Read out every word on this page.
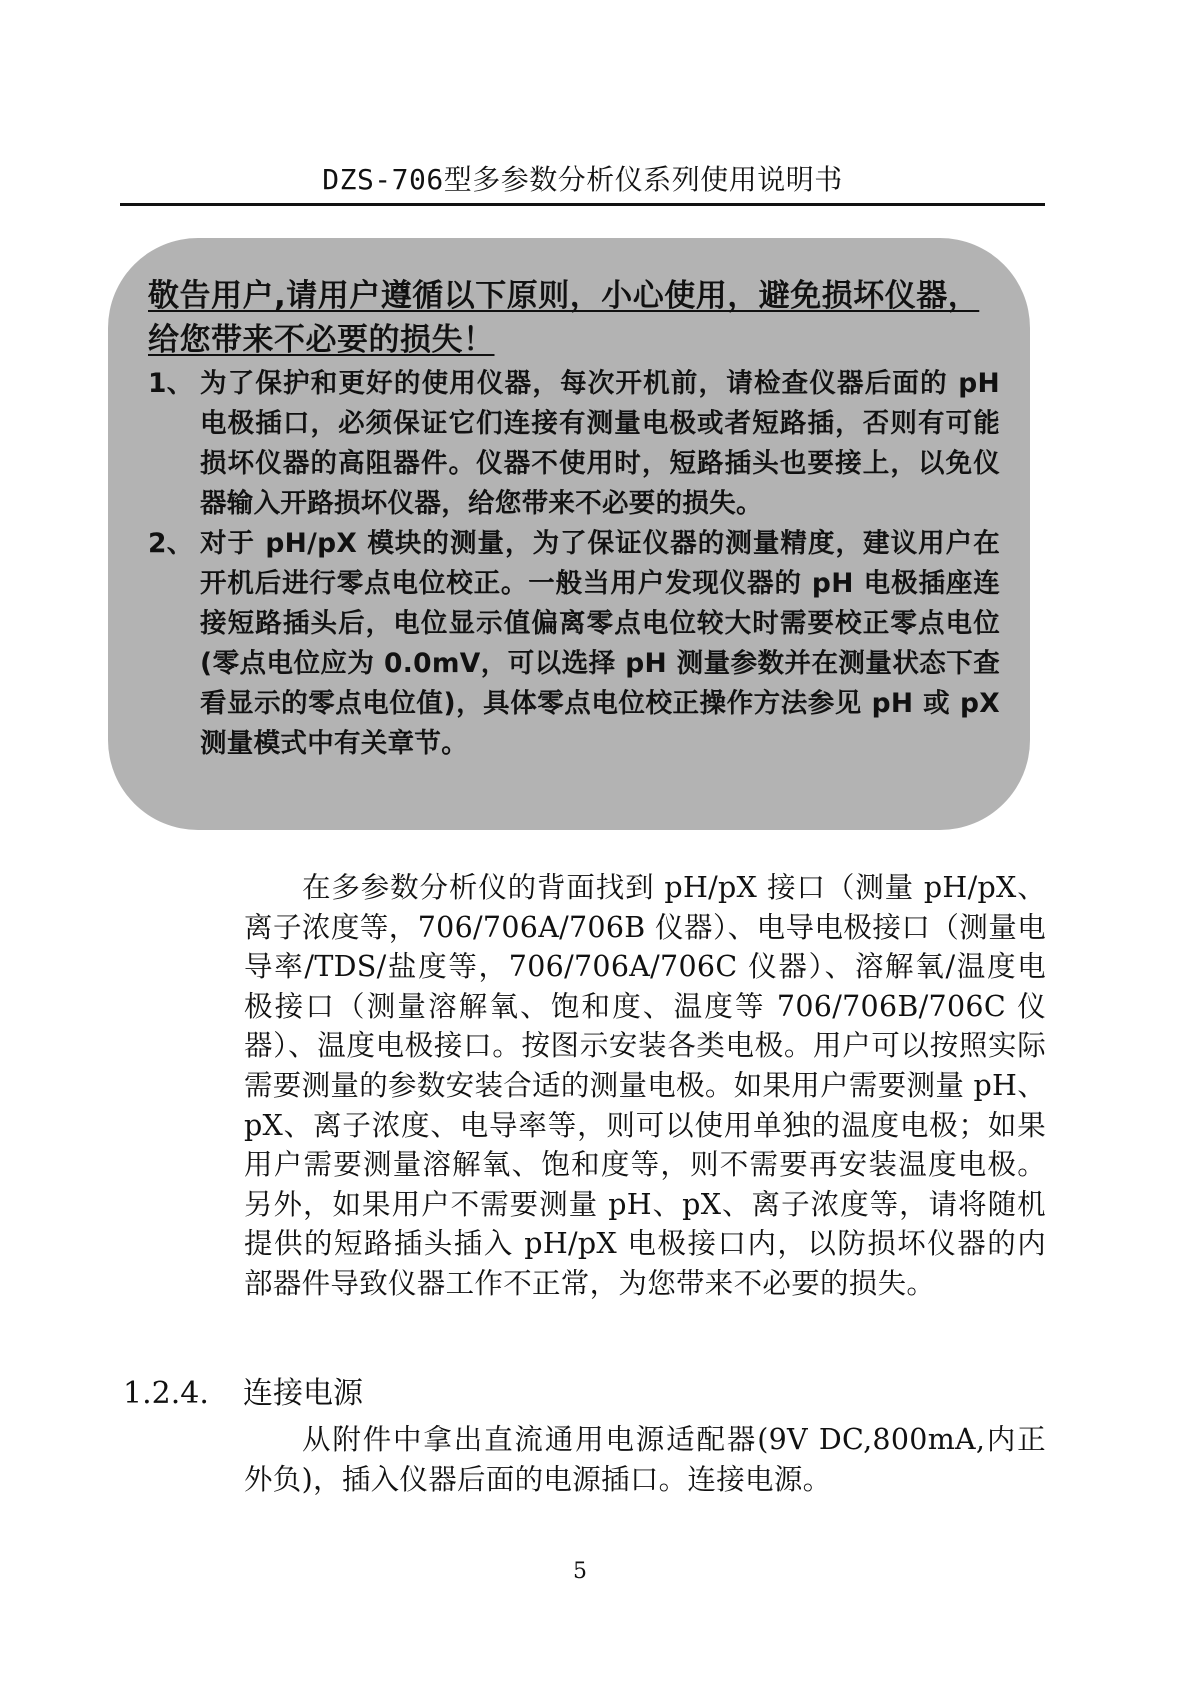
DZS-706型多参数分析仪系列使用说明书
敬告用户,请用户遵循以下原则，小心使用，避免损坏仪器，给您带来不必要的损失！
1、 为了保护和更好的使用仪器，每次开机前，请检查仪器后面的 pH 电极插口，必须保证它们连接有测量电极或者短路插，否则有可能损坏仪器的高阻器件。仪器不使用时，短路插头也要接上，以免仪器输入开路损坏仪器，给您带来不必要的损失。
2、 对于 pH/pX 模块的测量，为了保证仪器的测量精度，建议用户在开机后进行零点电位校正。一般当用户发现仪器的 pH 电极插座连接短路插头后，电位显示值偏离零点电位较大时需要校正零点电位(零点电位应为 0.0mV，可以选择 pH 测量参数并在测量状态下查看显示的零点电位值)，具体零点电位校正操作方法参见 pH 或 pX 测量模式中有关章节。

在多参数分析仪的背面找到 pH/pX 接口（测量 pH/pX、离子浓度等，706/706A/706B 仪器）、电导电极接口（测量电导率/TDS/盐度等，706/706A/706C 仪器）、溶解氧/温度电极接口（测量溶解氧、饱和度、温度等 706/706B/706C 仪器）、温度电极接口。按图示安装各类电极。用户可以按照实际需要测量的参数安装合适的测量电极。如果用户需要测量 pH、pX、离子浓度、电导率等，则可以使用单独的温度电极；如果用户需要测量溶解氧、饱和度等，则不需要再安装温度电极。另外，如果用户不需要测量 pH、pX、离子浓度等，请将随机提供的短路插头插入 pH/pX 电极接口内，以防损坏仪器的内部器件导致仪器工作不正常，为您带来不必要的损失。

1.2.4.	连接电源

从附件中拿出直流通用电源适配器(9V DC,800mA,内正外负)，插入仪器后面的电源插口。连接电源。

5
